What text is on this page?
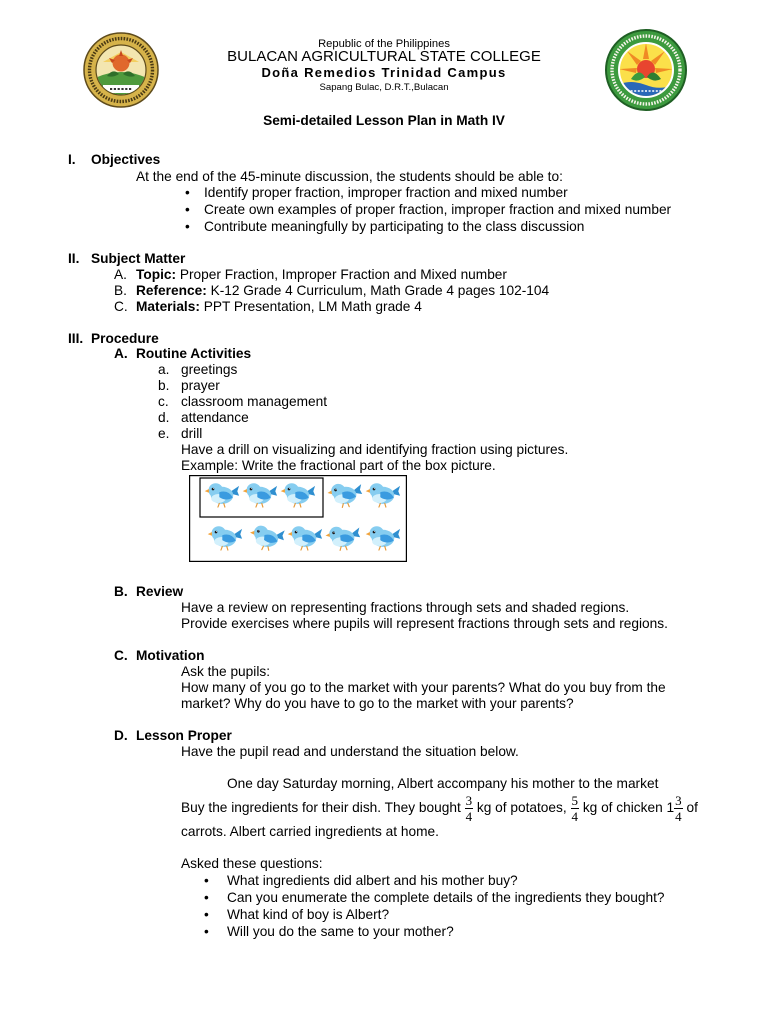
Republic of the Philippines
BULACAN AGRICULTURAL STATE COLLEGE
Doña Remedios Trinidad Campus
Sapang Bulac, D.R.T.,Bulacan
Semi-detailed Lesson Plan in Math IV
I. Objectives
At the end of the 45-minute discussion, the students should be able to:
• Identify proper fraction, improper fraction and mixed number
• Create own examples of proper fraction, improper fraction and mixed number
• Contribute meaningfully by participating to the class discussion
II. Subject Matter
A. Topic: Proper Fraction, Improper Fraction and Mixed number
B. Reference: K-12 Grade 4 Curriculum, Math Grade 4 pages 102-104
C. Materials: PPT Presentation, LM Math grade 4
III. Procedure
A. Routine Activities
a. greetings
b. prayer
c. classroom management
d. attendance
e. drill
Have a drill on visualizing and identifying fraction using pictures.
Example: Write the fractional part of the box picture.
B. Review
Have a review on representing fractions through sets and shaded regions.
Provide exercises where pupils will represent fractions through sets and regions.
C. Motivation
Ask the pupils:
How many of you go to the market with your parents? What do you buy from the
market? Why do you have to go to the market with your parents?
D. Lesson Proper
Have the pupil read and understand the situation below.
One day Saturday morning, Albert accompany his mother to the market
Buy the ingredients for their dish. They bought $\frac{3}{4}$ kg of potatoes, $\frac{5}{4}$ kg of chicken $1 \frac{3}{4}$ of
carrots. Albert carried ingredients at home.
Asked these questions:
• What ingredients did albert and his mother buy?
• Can you enumerate the complete details of the ingredients they bought?
• What kind of boy is Albert?
• Will you do the same to your mother?
